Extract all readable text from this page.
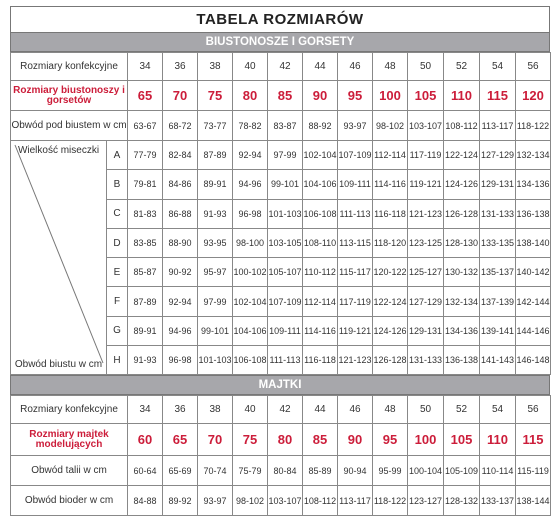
TABELA ROZMIARÓW
BIUSTONOSZE I GORSETY
Rozmiary konfekcyjne		34	36	38	40	42	44	46	48	50	52	54	56
Rozmiary biustonoszy i gorsetów		65	70	75	80	85	90	95	100	105	110	115	120
Obwód pod biustem w cm		63-67	68-72	73-77	78-82	83-87	88-92	93-97	98-102	103-107	108-112	113-117	118-122

Wielkość miseczki
Obwód biustu w cm	A	77-79	82-84	87-89	92-94	97-99	102-104	107-109	112-114	117-119	122-124	127-129	132-134
	B	79-81	84-86	89-91	94-96	99-101	104-106	109-111	114-116	119-121	124-126	129-131	134-136
	C	81-83	86-88	91-93	96-98	101-103	106-108	111-113	116-118	121-123	126-128	131-133	136-138
	D	83-85	88-90	93-95	98-100	103-105	108-110	113-115	118-120	123-125	128-130	133-135	138-140
	E	85-87	90-92	95-97	100-102	105-107	110-112	115-117	120-122	125-127	130-132	135-137	140-142
	F	87-89	92-94	97-99	102-104	107-109	112-114	117-119	122-124	127-129	132-134	137-139	142-144
	G	89-91	94-96	99-101	104-106	109-111	114-116	119-121	124-126	129-131	134-136	139-141	144-146
	H	91-93	96-98	101-103	106-108	111-113	116-118	121-123	126-128	131-133	136-138	141-143	146-148
MAJTKI
Rozmiary konfekcyjne	34	36	38	40	42	44	46	48	50	52	54	56
Rozmiary majtek modelujących	60	65	70	75	80	85	90	95	100	105	110	115
Obwód talii w cm	60-64	65-69	70-74	75-79	80-84	85-89	90-94	95-99	100-104	105-109	110-114	115-119
Obwód bioder w cm	84-88	89-92	93-97	98-102	103-107	108-112	113-117	118-122	123-127	128-132	133-137	138-144
